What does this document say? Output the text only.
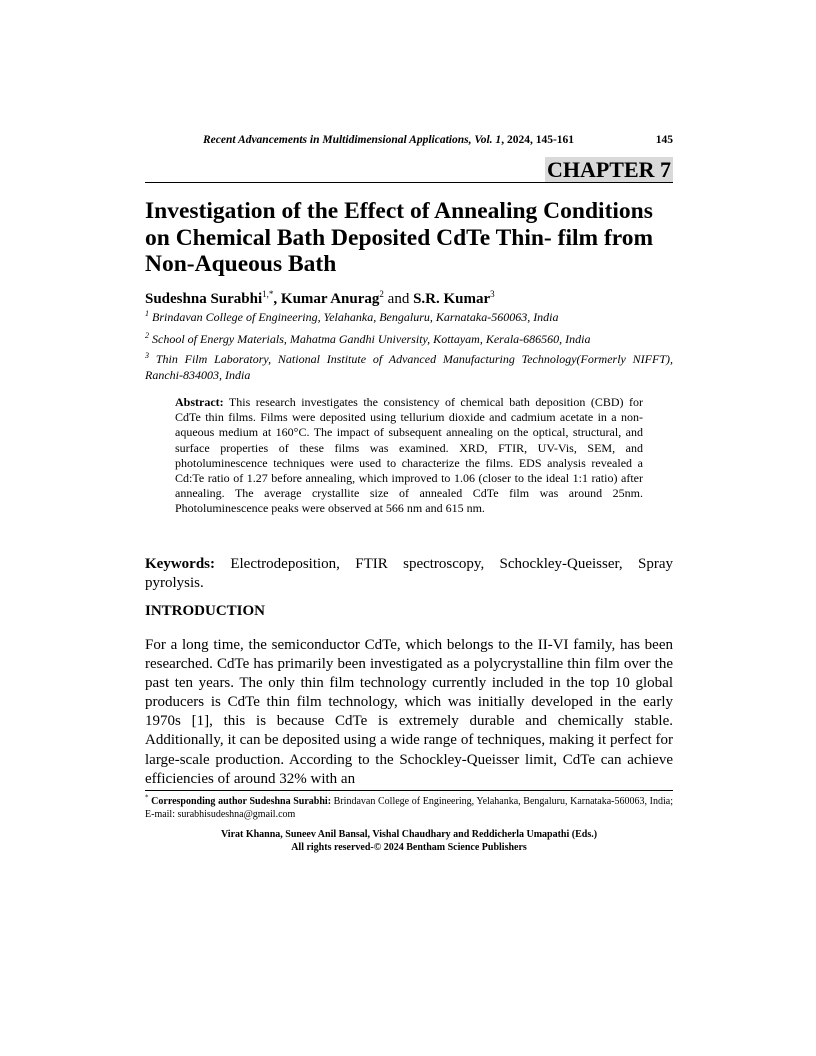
Recent Advancements in Multidimensional Applications, Vol. 1, 2024, 145-161	145
CHAPTER 7
Investigation of the Effect of Annealing Conditions on Chemical Bath Deposited CdTe Thin- film from Non-Aqueous Bath
Sudeshna Surabhi$^{1,*}$, Kumar Anurag$^2$ and S.R. Kumar$^3$
$^1$ Brindavan College of Engineering, Yelahanka, Bengaluru, Karnataka-560063, India
$^2$ School of Energy Materials, Mahatma Gandhi University, Kottayam, Kerala-686560, India
$^3$ Thin Film Laboratory, National Institute of Advanced Manufacturing Technology(Formerly NIFFT), Ranchi-834003, India
Abstract: This research investigates the consistency of chemical bath deposition (CBD) for CdTe thin films. Films were deposited using tellurium dioxide and cadmium acetate in a non-aqueous medium at 160°C. The impact of subsequent annealing on the optical, structural, and surface properties of these films was examined. XRD, FTIR, UV-Vis, SEM, and photoluminescence techniques were used to characterize the films. EDS analysis revealed a Cd:Te ratio of 1.27 before annealing, which improved to 1.06 (closer to the ideal 1:1 ratio) after annealing. The average crystallite size of annealed CdTe film was around 25nm. Photoluminescence peaks were observed at 566 nm and 615 nm.
Keywords: Electrodeposition, FTIR spectroscopy, Schockley-Queisser, Spray pyrolysis.
INTRODUCTION

For a long time, the semiconductor CdTe, which belongs to the II-VI family, has been researched. CdTe has primarily been investigated as a polycrystalline thin film over the past ten years. The only thin film technology currently included in the top 10 global producers is CdTe thin film technology, which was initially developed in the early 1970s [1], this is because CdTe is extremely durable and chemically stable. Additionally, it can be deposited using a wide range of techniques, making it perfect for large-scale production. According to the Schockley-Queisser limit, CdTe can achieve efficiencies of around 32% with an

* Corresponding author Sudeshna Surabhi: Brindavan College of Engineering, Yelahanka, Bengaluru, Karnataka-560063, India; E-mail: surabhisudeshna@gmail.com
Virat Khanna, Suneev Anil Bansal, Vishal Chaudhary and Reddicherla Umapathi (Eds.)
All rights reserved-© 2024 Bentham Science Publishers
